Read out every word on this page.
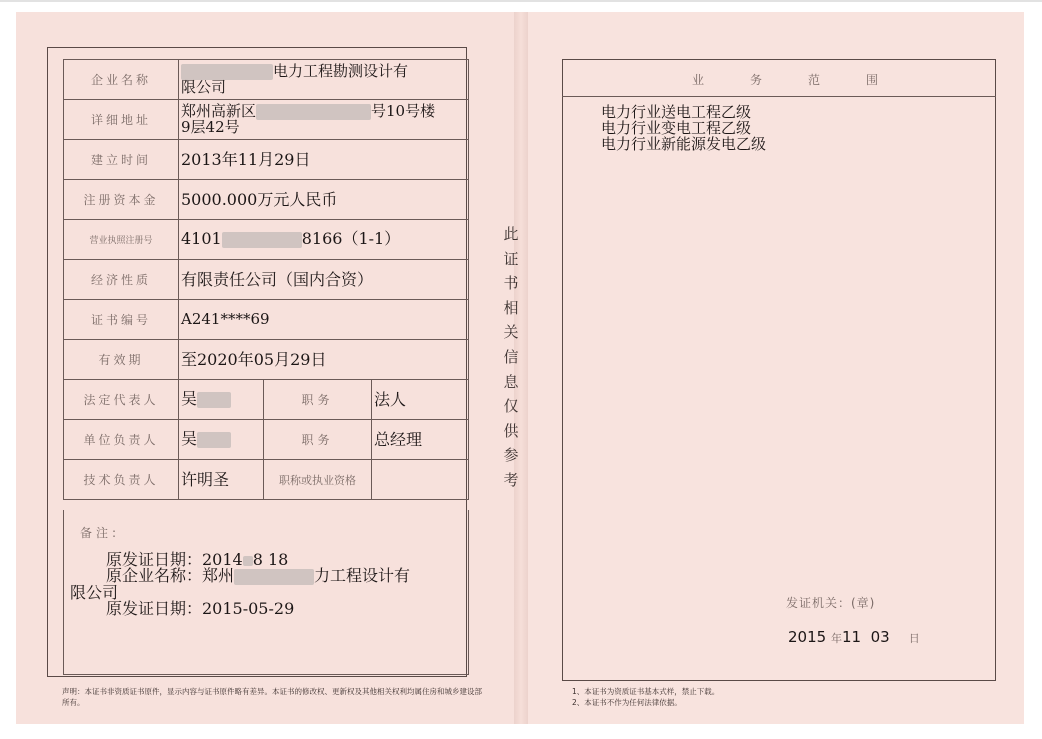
企业名称	电力工程勘测设计有
限公司		
详细地址	郑州高新区 号10号楼
9层42号		
建立时间	2013年11月29日		
注册资本金	5000.000万元人民币		
营业执照注册号	4101 8166（1-1）		
经济性质	有限责任公司（国内合资）		
证书编号	A241****69		
有效期	至2020年05月29日		
法定代表人	吴	职务	法人
单位负责人	吴	职务	总经理
技术负责人	许明圣	职称或执业资格	
备注:
原发证日期：2014 8 18
原企业名称：郑州	力工程设计有
限公司
原发证日期：2015-05-29
声明：本证书非资质证书原件，显示内容与证书原件略有差异。本证书的修改权、更新权及其他相关权利均属住房和城乡建设部所有。
此
证
书
相
关
信
息
仅
供
参
考
业	务	范	围
电力行业送电工程乙级
电力行业变电工程乙级
电力行业新能源发电乙级
发证机关：(章)
2015 年11 03 日
1、本证书为资质证书基本式样，禁止下载。
2、本证书不作为任何法律依据。
